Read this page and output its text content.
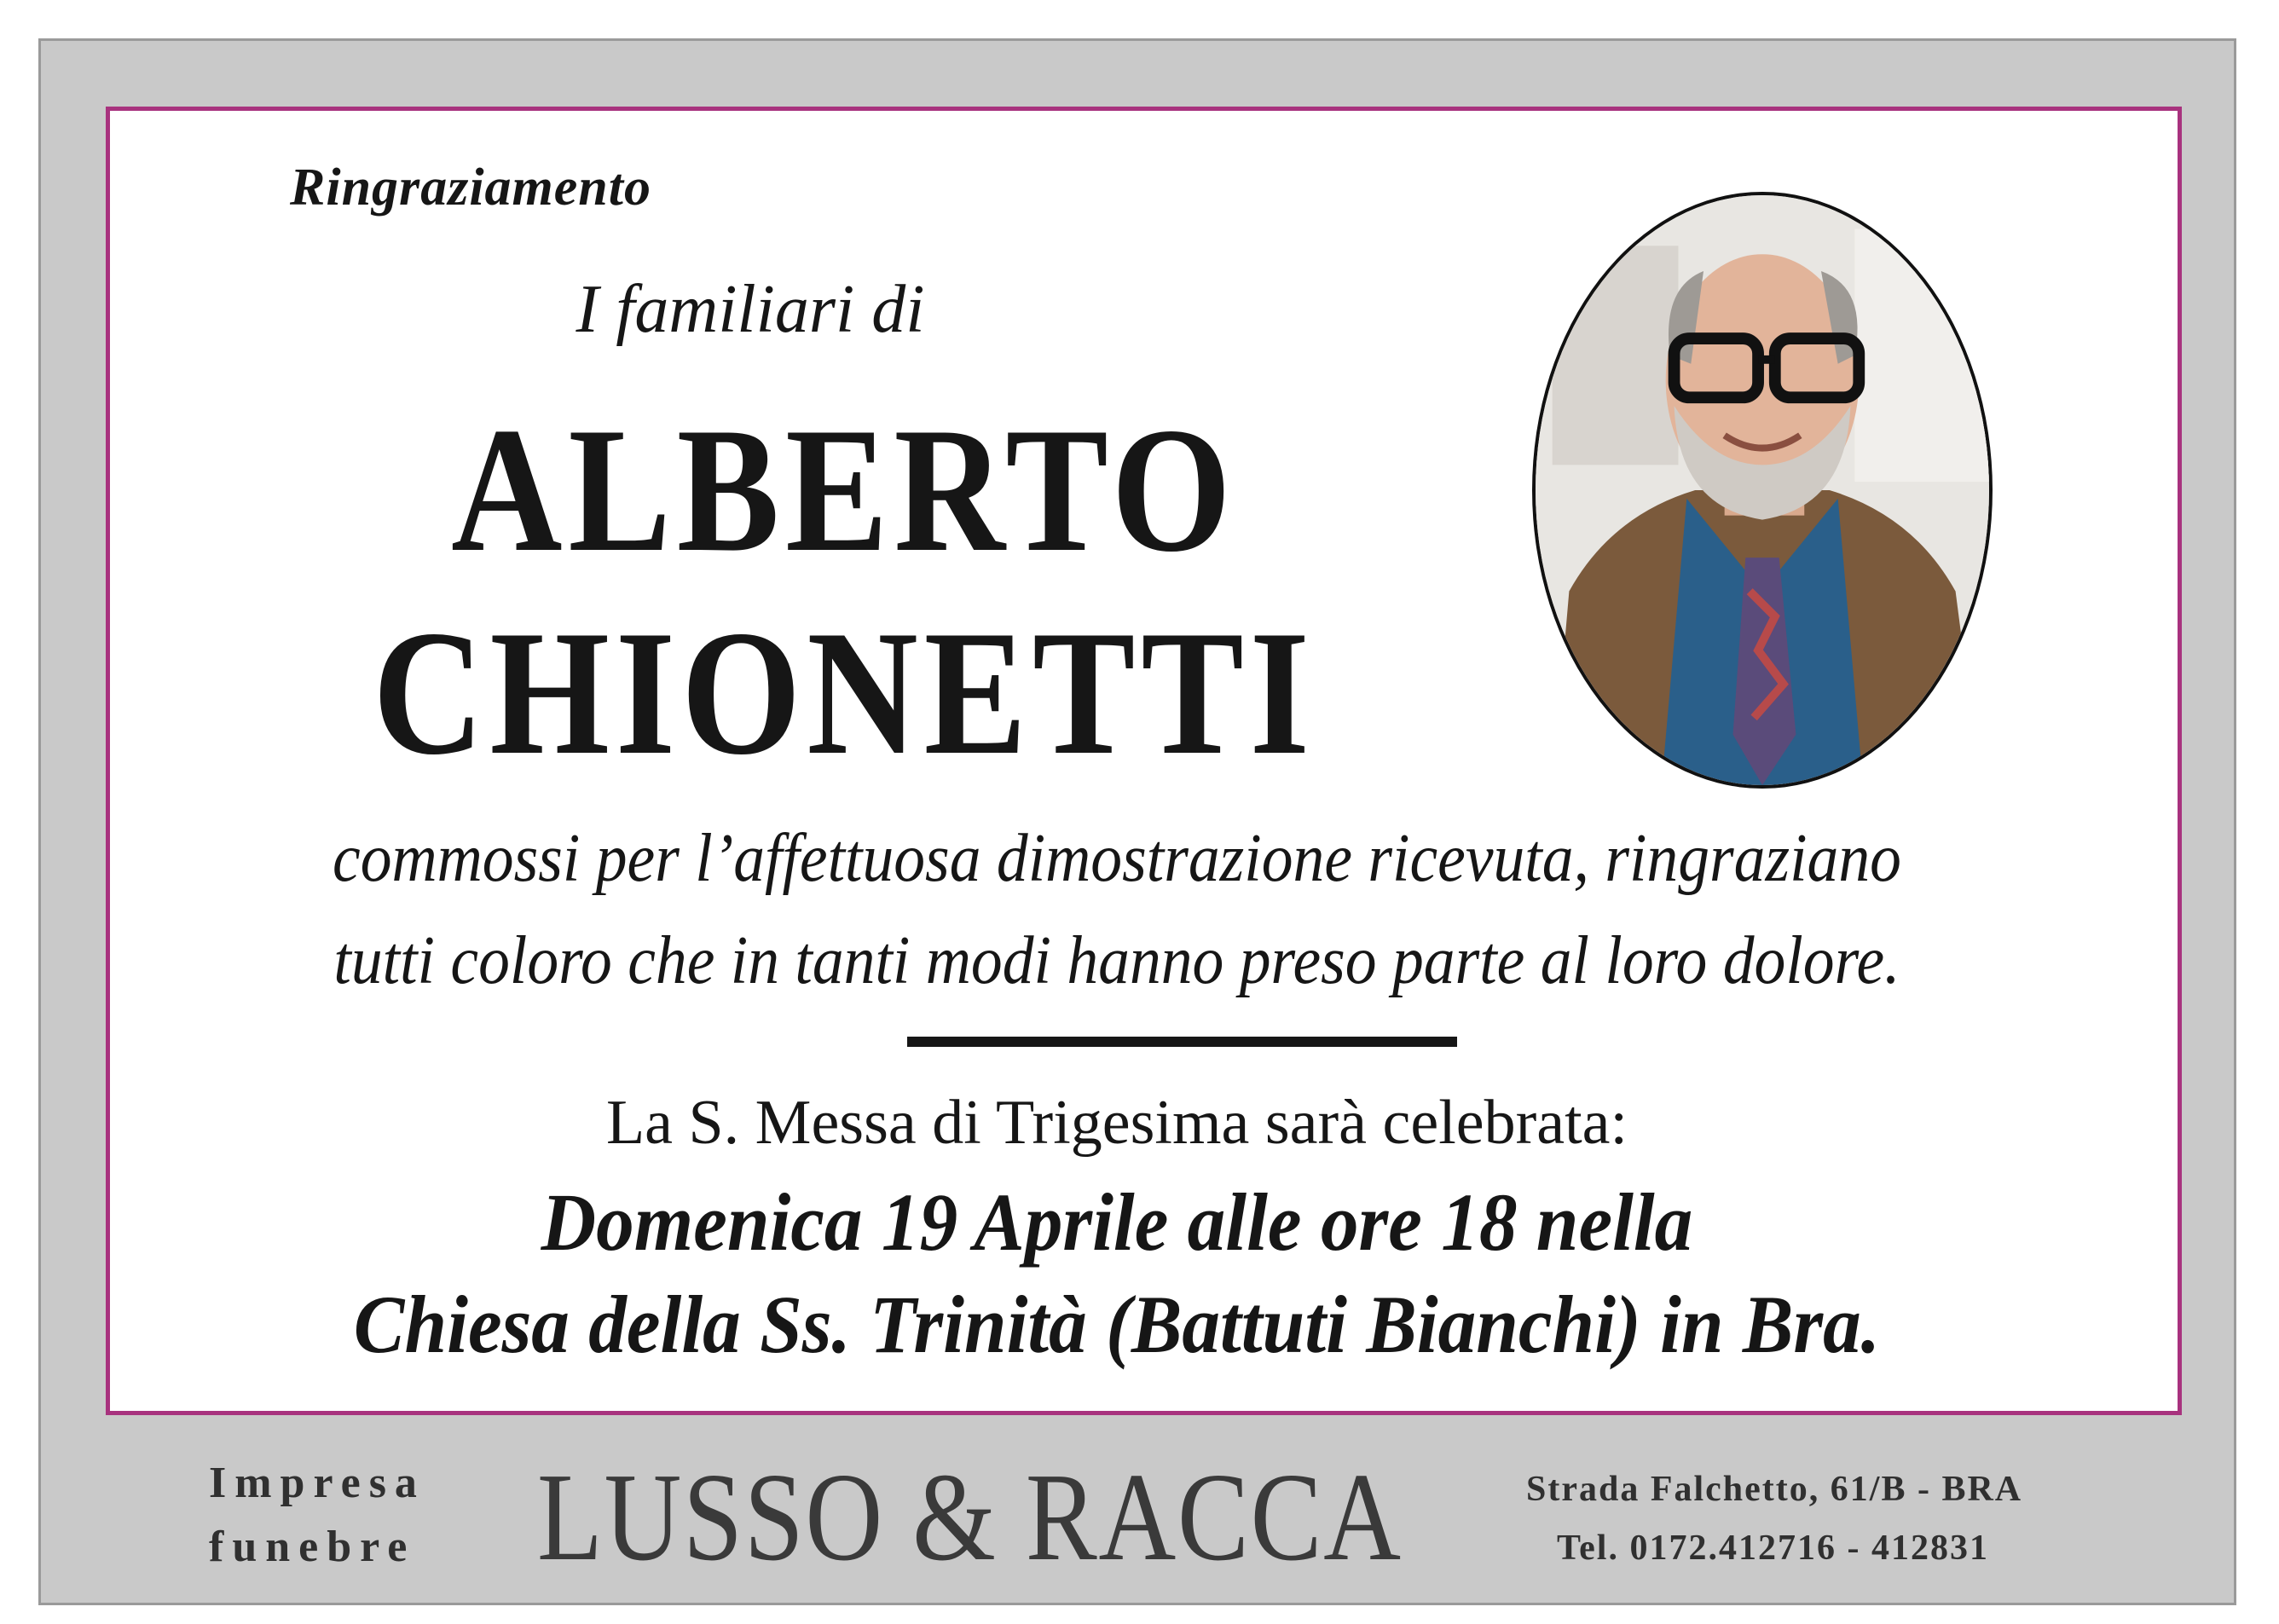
Ringraziamento
I familiari di
ALBERTO
CHIONETTI
commossi per l’affettuosa dimostrazione ricevuta, ringraziano
tutti coloro che in tanti modi hanno preso parte al loro dolore.
La S. Messa di Trigesima sarà celebrata:
Domenica 19 Aprile alle ore 18 nella
Chiesa della Ss. Trinità (Battuti Bianchi) in Bra.
Impresa
funebre LUSSO & RACCA	Strada Falchetto, 61/B - BRA
Tel. 0172.412716 - 412831
